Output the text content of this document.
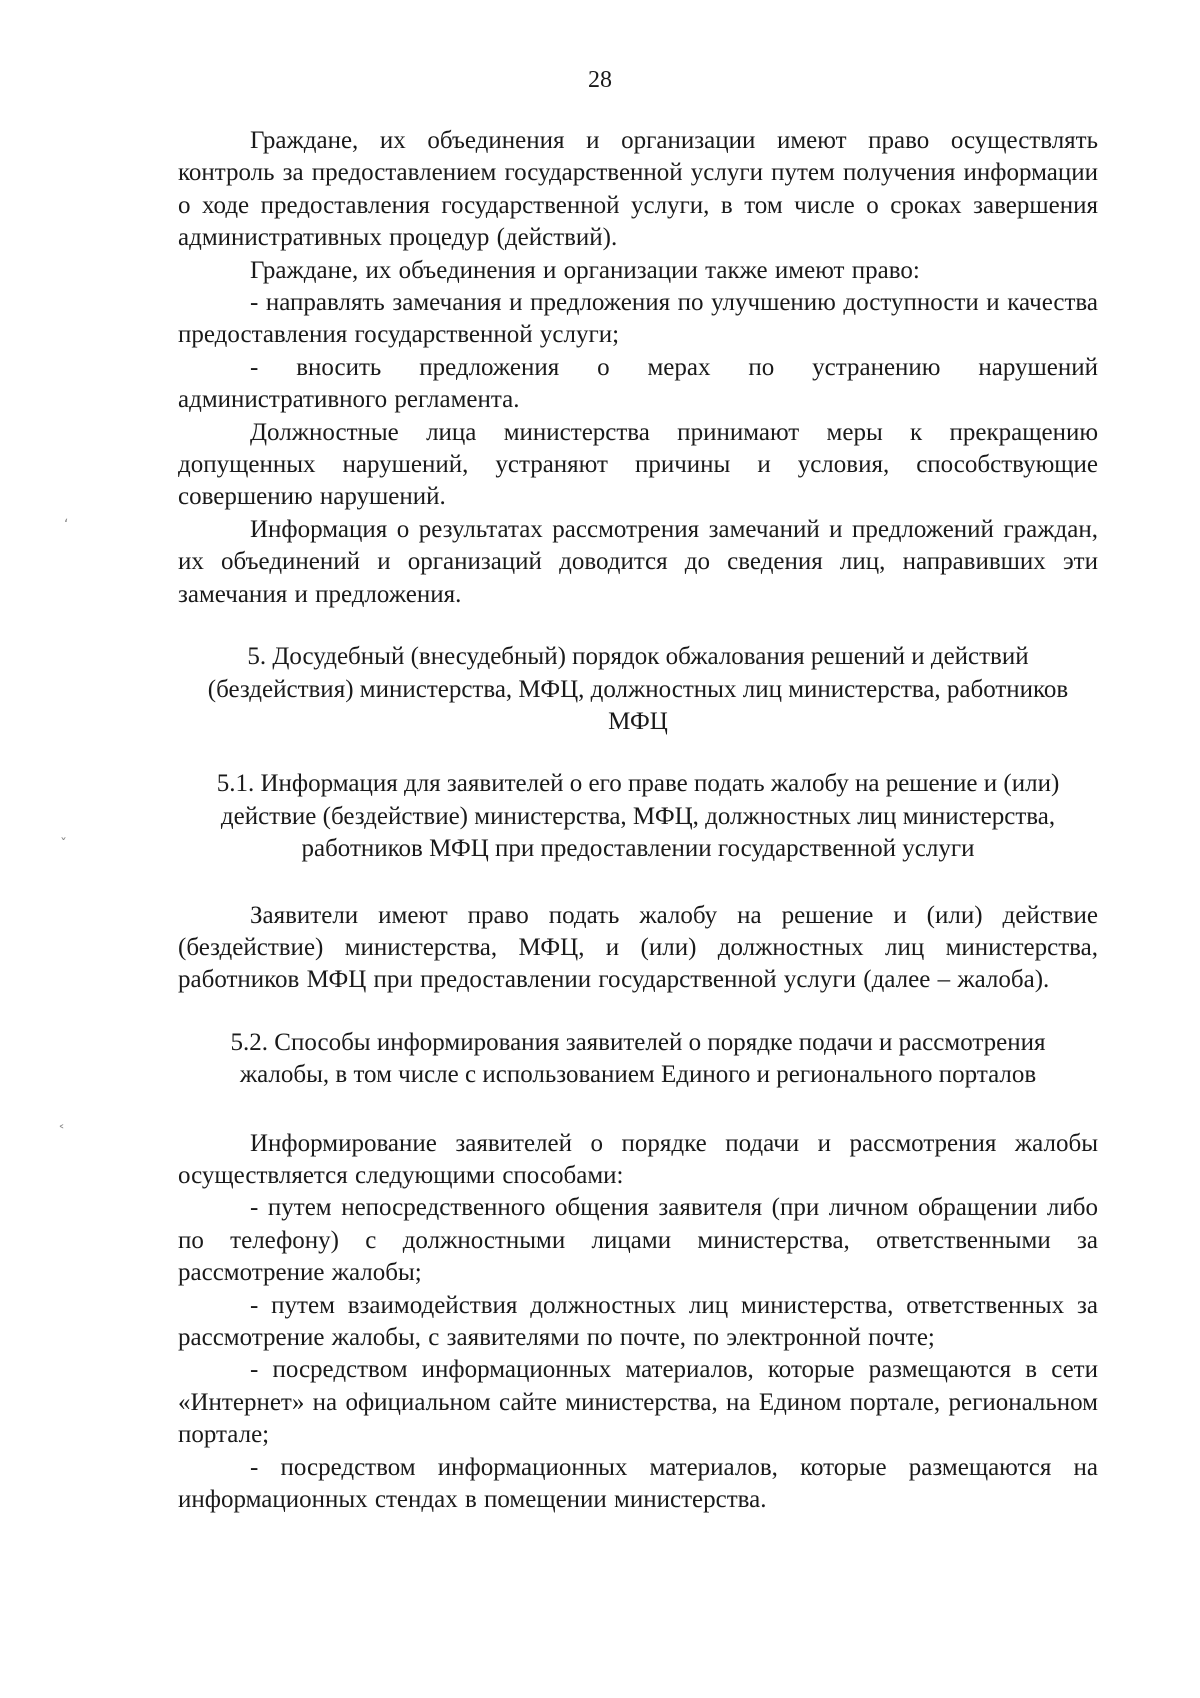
28
ʻ
ˇ
˂

Граждане, их объединения и организации имеют право осуществлять контроль за предоставлением государственной услуги путем получения информации о ходе предоставления государственной услуги, в том числе о сроках завершения административных процедур (действий).

Граждане, их объединения и организации также имеют право:

- направлять замечания и предложения по улучшению доступности и качества предоставления государственной услуги;

- вносить предложения о мерах по устранению нарушений административного регламента.

Должностные лица министерства принимают меры к прекращению допущенных нарушений, устраняют причины и условия, способствующие совершению нарушений.

Информация о результатах рассмотрения замечаний и предложений граждан, их объединений и организаций доводится до сведения лиц, направивших эти замечания и предложения.

5. Досудебный (внесудебный) порядок обжалования решений и действий (бездействия) министерства, МФЦ, должностных лиц министерства, работников МФЦ

5.1. Информация для заявителей о его праве подать жалобу на решение и (или) действие (бездействие) министерства, МФЦ, должностных лиц министерства, работников МФЦ при предоставлении государственной услуги

Заявители имеют право подать жалобу на решение и (или) действие (бездействие) министерства, МФЦ, и (или) должностных лиц министерства, работников МФЦ при предоставлении государственной услуги (далее – жалоба).

5.2. Способы информирования заявителей о порядке подачи и рассмотрения жалобы, в том числе с использованием Единого и регионального порталов

Информирование заявителей о порядке подачи и рассмотрения жалобы осуществляется следующими способами:

- путем непосредственного общения заявителя (при личном обращении либо по телефону) с должностными лицами министерства, ответственными за рассмотрение жалобы;

- путем взаимодействия должностных лиц министерства, ответственных за рассмотрение жалобы, с заявителями по почте, по электронной почте;

- посредством информационных материалов, которые размещаются в сети «Интернет» на официальном сайте министерства, на Едином портале, региональном портале;

- посредством информационных материалов, которые размещаются на информационных стендах в помещении министерства.
